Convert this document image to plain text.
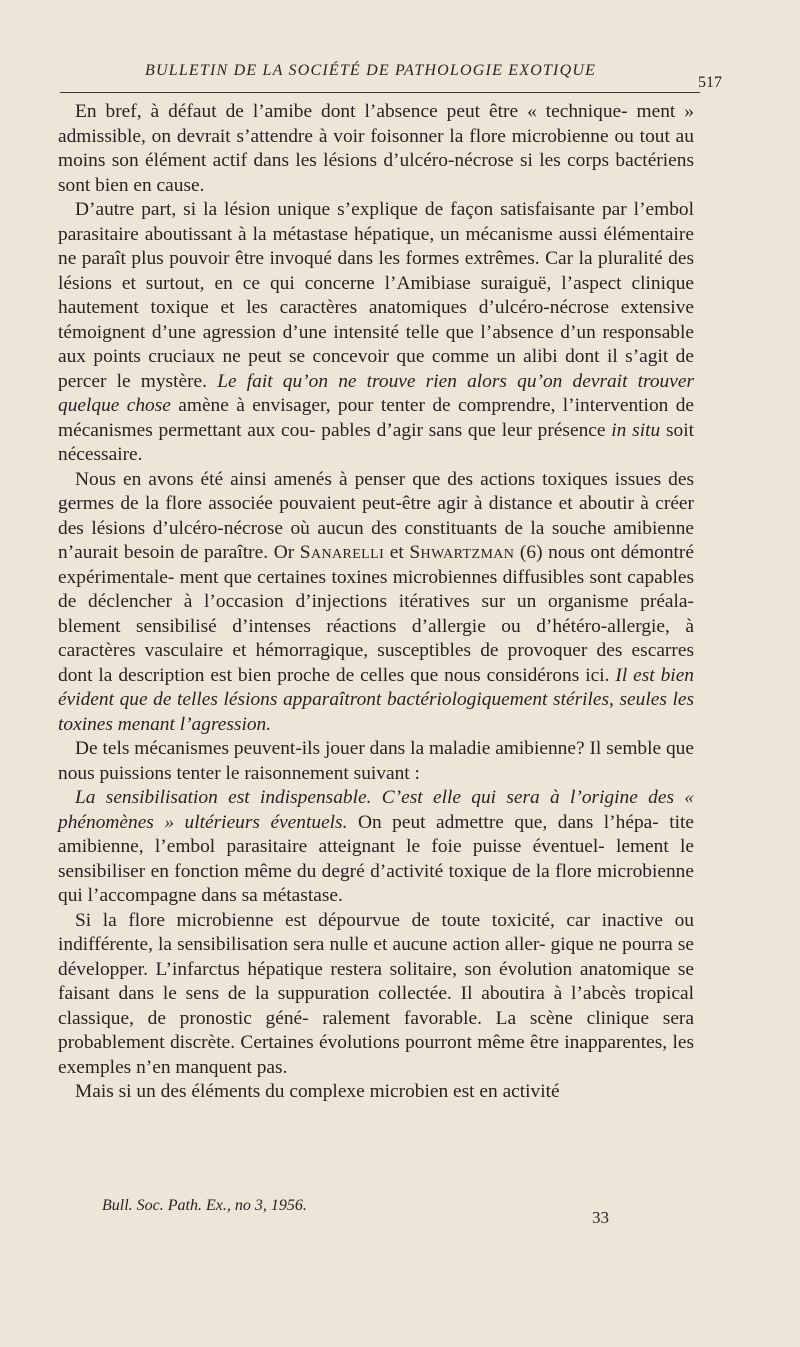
BULLETIN DE LA SOCIÉTÉ DE PATHOLOGIE EXOTIQUE
517

En bref, à défaut de l’amibe dont l’absence peut être « technique- ment » admissible, on devrait s’attendre à voir foisonner la flore microbienne ou tout au moins son élément actif dans les lésions d’ulcéro-nécrose si les corps bactériens sont bien en cause.

D’autre part, si la lésion unique s’explique de façon satisfaisante par l’embol parasitaire aboutissant à la métastase hépatique, un mécanisme aussi élémentaire ne paraît plus pouvoir être invoqué dans les formes extrêmes. Car la pluralité des lésions et surtout, en ce qui concerne l’Amibiase suraiguë, l’aspect clinique hautement toxique et les caractères anatomiques d’ulcéro-nécrose extensive témoignent d’une agression d’une intensité telle que l’absence d’un responsable aux points cruciaux ne peut se concevoir que comme un alibi dont il s’agit de percer le mystère. Le fait qu’on ne trouve rien alors qu’on devrait trouver quelque chose amène à envisager, pour tenter de comprendre, l’intervention de mécanismes permettant aux cou- pables d’agir sans que leur présence in situ soit nécessaire.

Nous en avons été ainsi amenés à penser que des actions toxiques issues des germes de la flore associée pouvaient peut-être agir à distance et aboutir à créer des lésions d’ulcéro-nécrose où aucun des constituants de la souche amibienne n’aurait besoin de paraître. Or Sanarelli et Shwartzman (6) nous ont démontré expérimentale- ment que certaines toxines microbiennes diffusibles sont capables de déclencher à l’occasion d’injections itératives sur un organisme préala- blement sensibilisé d’intenses réactions d’allergie ou d’hétéro-allergie, à caractères vasculaire et hémorragique, susceptibles de provoquer des escarres dont la description est bien proche de celles que nous considérons ici. Il est bien évident que de telles lésions apparaîtront bactériologiquement stériles, seules les toxines menant l’agression.

De tels mécanismes peuvent-ils jouer dans la maladie amibienne? Il semble que nous puissions tenter le raisonnement suivant :

La sensibilisation est indispensable. C’est elle qui sera à l’origine des « phénomènes » ultérieurs éventuels. On peut admettre que, dans l’hépa- tite amibienne, l’embol parasitaire atteignant le foie puisse éventuel- lement le sensibiliser en fonction même du degré d’activité toxique de la flore microbienne qui l’accompagne dans sa métastase.

Si la flore microbienne est dépourvue de toute toxicité, car inactive ou indifférente, la sensibilisation sera nulle et aucune action aller- gique ne pourra se développer. L’infarctus hépatique restera solitaire, son évolution anatomique se faisant dans le sens de la suppuration collectée. Il aboutira à l’abcès tropical classique, de pronostic géné- ralement favorable. La scène clinique sera probablement discrète. Certaines évolutions pourront même être inapparentes, les exemples n’en manquent pas.

Mais si un des éléments du complexe microbien est en activité

Bull. Soc. Path. Ex., no 3, 1956.
33
